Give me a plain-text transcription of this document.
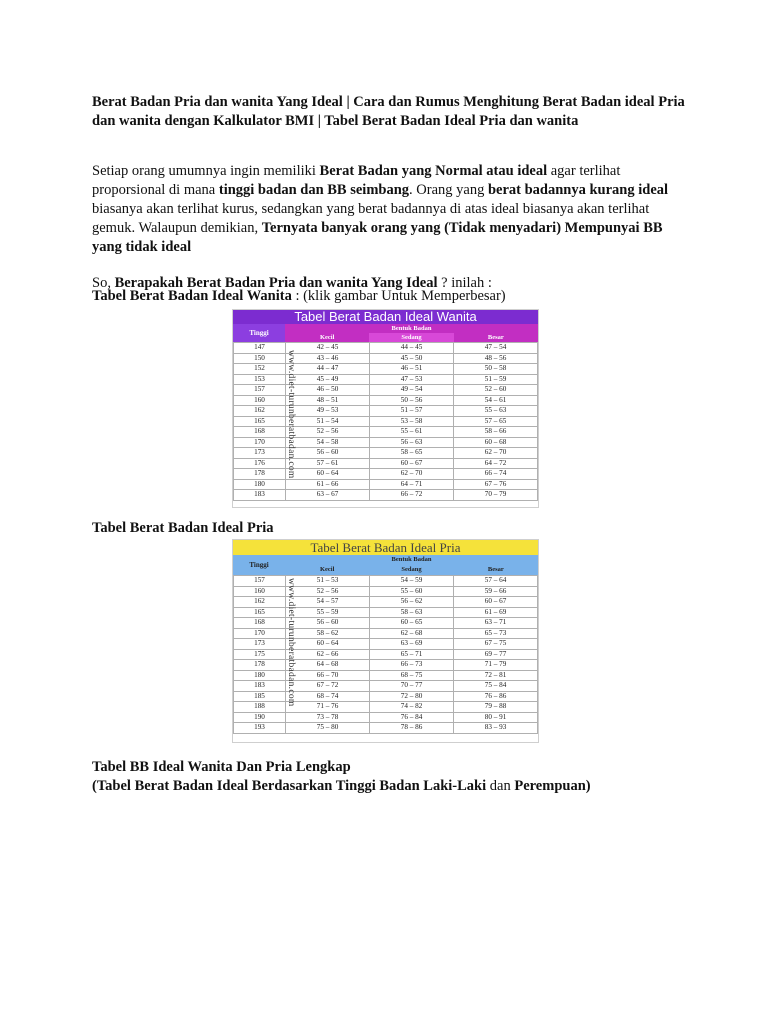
Berat Badan Pria dan wanita Yang Ideal | Cara dan Rumus Menghitung Berat Badan ideal Pria dan wanita dengan Kalkulator BMI | Tabel Berat Badan Ideal Pria dan wanita

Setiap orang umumnya ingin memiliki Berat Badan yang Normal atau ideal agar terlihat proporsional di mana tinggi badan dan BB seimbang. Orang yang berat badannya kurang ideal biasanya akan terlihat kurus, sedangkan yang berat badannya di atas ideal biasanya akan terlihat gemuk. Walaupun demikian, Ternyata banyak orang yang (Tidak menyadari) Mempunyai BB yang tidak ideal

So, Berapakah Berat Badan Pria dan wanita Yang Ideal ? inilah :

Tabel Berat Badan Ideal Wanita : (klik gambar Untuk Memperbesar)
Tabel Berat Badan Ideal Wanita
Tinggi
Bentuk Badan
Kecil	Sedang	Besar
147	42 – 45	44 – 45	47 – 54
150	43 – 46	45 – 50	48 – 56
152	44 – 47	46 – 51	50 – 58
153	45 – 49	47 – 53	51 – 59
157	46 – 50	49 – 54	52 – 60
160	48 – 51	50 – 56	54 – 61
162	49 – 53	51 – 57	55 – 63
165	51 – 54	53 – 58	57 – 65
168	52 – 56	55 – 61	58 – 66
170	54 – 58	56 – 63	60 – 68
173	56 – 60	58 – 65	62 – 70
176	57 – 61	60 – 67	64 – 72
178	60 – 64	62 – 70	66 – 74
180	61 – 66	64 – 71	67 – 76
183	63 – 67	66 – 72	70 – 79
www.diet-turunberatbadan.com
Tabel Berat Badan Ideal Pria
Tabel Berat Badan Ideal Pria
Tinggi
Bentuk Badan
Kecil	Sedang	Besar
157	51 – 53	54 – 59	57 – 64
160	52 – 56	55 – 60	59 – 66
162	54 – 57	56 – 62	60 – 67
165	55 – 59	58 – 63	61 – 69
168	56 – 60	60 – 65	63 – 71
170	58 – 62	62 – 68	65 – 73
173	60 – 64	63 – 69	67 – 75
175	62 – 66	65 – 71	69 – 77
178	64 – 68	66 – 73	71 – 79
180	66 – 70	68 – 75	72 – 81
183	67 – 72	70 – 77	75 – 84
185	68 – 74	72 – 80	76 – 86
188	71 – 76	74 – 82	79 – 88
190	73 – 78	76 – 84	80 – 91
193	75 – 80	78 – 86	83 – 93
www.diet-turunberatbadan.com
Tabel BB Ideal Wanita Dan Pria Lengkap
(Tabel Berat Badan Ideal Berdasarkan Tinggi Badan Laki-Laki dan Perempuan)
